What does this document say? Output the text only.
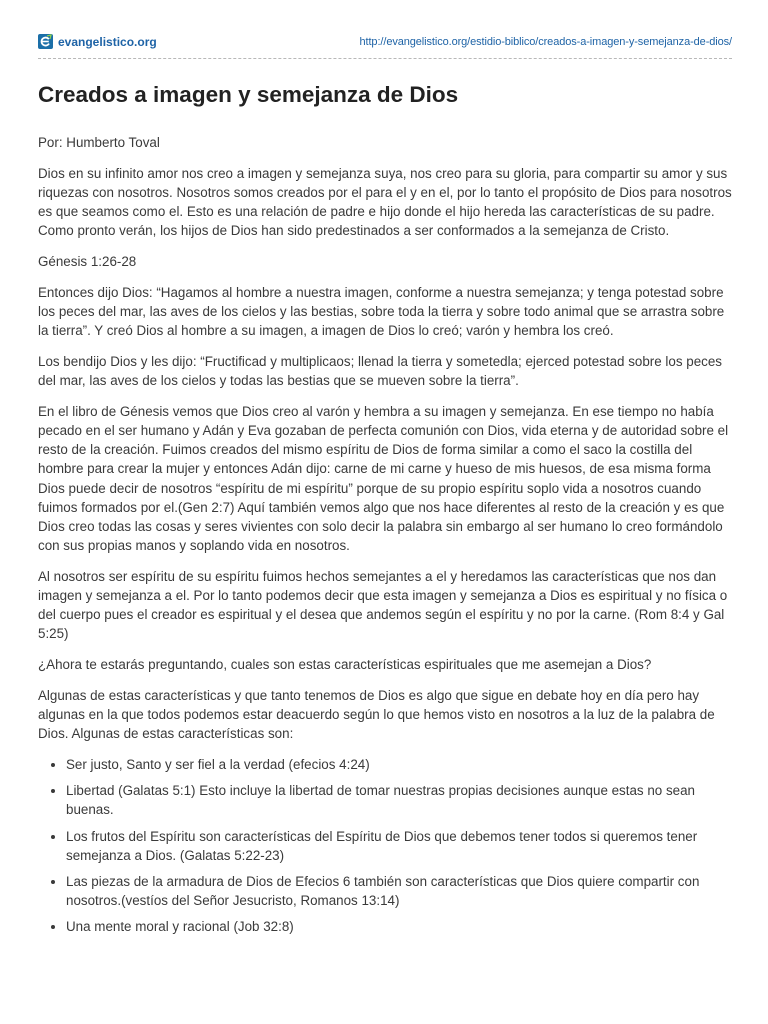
evangelistico.org	http://evangelistico.org/estidio-biblico/creados-a-imagen-y-semejanza-de-dios/
Creados a imagen y semejanza de Dios

Por: Humberto Toval

Dios en su infinito amor nos creo a imagen y semejanza suya, nos creo para su gloria, para compartir su amor y sus riquezas con nosotros. Nosotros somos creados por el para el y en el, por lo tanto el propósito de Dios para nosotros es que seamos como el. Esto es una relación de padre e hijo donde el hijo hereda las características de su padre. Como pronto verán, los hijos de Dios han sido predestinados a ser conformados a la semejanza de Cristo.

Génesis 1:26-28

Entonces dijo Dios: “Hagamos al hombre a nuestra imagen, conforme a nuestra semejanza; y tenga potestad sobre los peces del mar, las aves de los cielos y las bestias, sobre toda la tierra y sobre todo animal que se arrastra sobre la tierra”. Y creó Dios al hombre a su imagen, a imagen de Dios lo creó; varón y hembra los creó.

Los bendijo Dios y les dijo: “Fructificad y multiplicaos; llenad la tierra y sometedla; ejerced potestad sobre los peces del mar, las aves de los cielos y todas las bestias que se mueven sobre la tierra”.

En el libro de Génesis vemos que Dios creo al varón y hembra a su imagen y semejanza. En ese tiempo no había pecado en el ser humano y Adán y Eva gozaban de perfecta comunión con Dios, vida eterna y de autoridad sobre el resto de la creación. Fuimos creados del mismo espíritu de Dios de forma similar a como el saco la costilla del hombre para crear la mujer y entonces Adán dijo: carne de mi carne y hueso de mis huesos, de esa misma forma Dios puede decir de nosotros “espíritu de mi espíritu” porque de su propio espíritu soplo vida a nosotros cuando fuimos formados por el.(Gen 2:7) Aquí también vemos algo que nos hace diferentes al resto de la creación y es que Dios creo todas las cosas y seres vivientes con solo decir la palabra sin embargo al ser humano lo creo formándolo con sus propias manos y soplando vida en nosotros.

Al nosotros ser espíritu de su espíritu fuimos hechos semejantes a el y heredamos las características que nos dan imagen y semejanza a el. Por lo tanto podemos decir que esta imagen y semejanza a Dios es espiritual y no física o del cuerpo pues el creador es espiritual y el desea que andemos según el espíritu y no por la carne. (Rom 8:4 y Gal 5:25)

¿Ahora te estarás preguntando, cuales son estas características espirituales que me asemejan a Dios?

Algunas de estas características y que tanto tenemos de Dios es algo que sigue en debate hoy en día pero hay algunas en la que todos podemos estar deacuerdo según lo que hemos visto en nosotros a la luz de la palabra de Dios. Algunas de estas características son:

• Ser justo, Santo y ser fiel a la verdad (efecios 4:24)
• Libertad (Galatas 5:1) Esto incluye la libertad de tomar nuestras propias decisiones aunque estas no sean buenas.
• Los frutos del Espíritu son características del Espíritu de Dios que debemos tener todos si queremos tener semejanza a Dios. (Galatas 5:22-23)
• Las piezas de la armadura de Dios de Efecios 6 también son características que Dios quiere compartir con nosotros.(vestíos del Señor Jesucristo, Romanos 13:14)
• Una mente moral y racional (Job 32:8)
